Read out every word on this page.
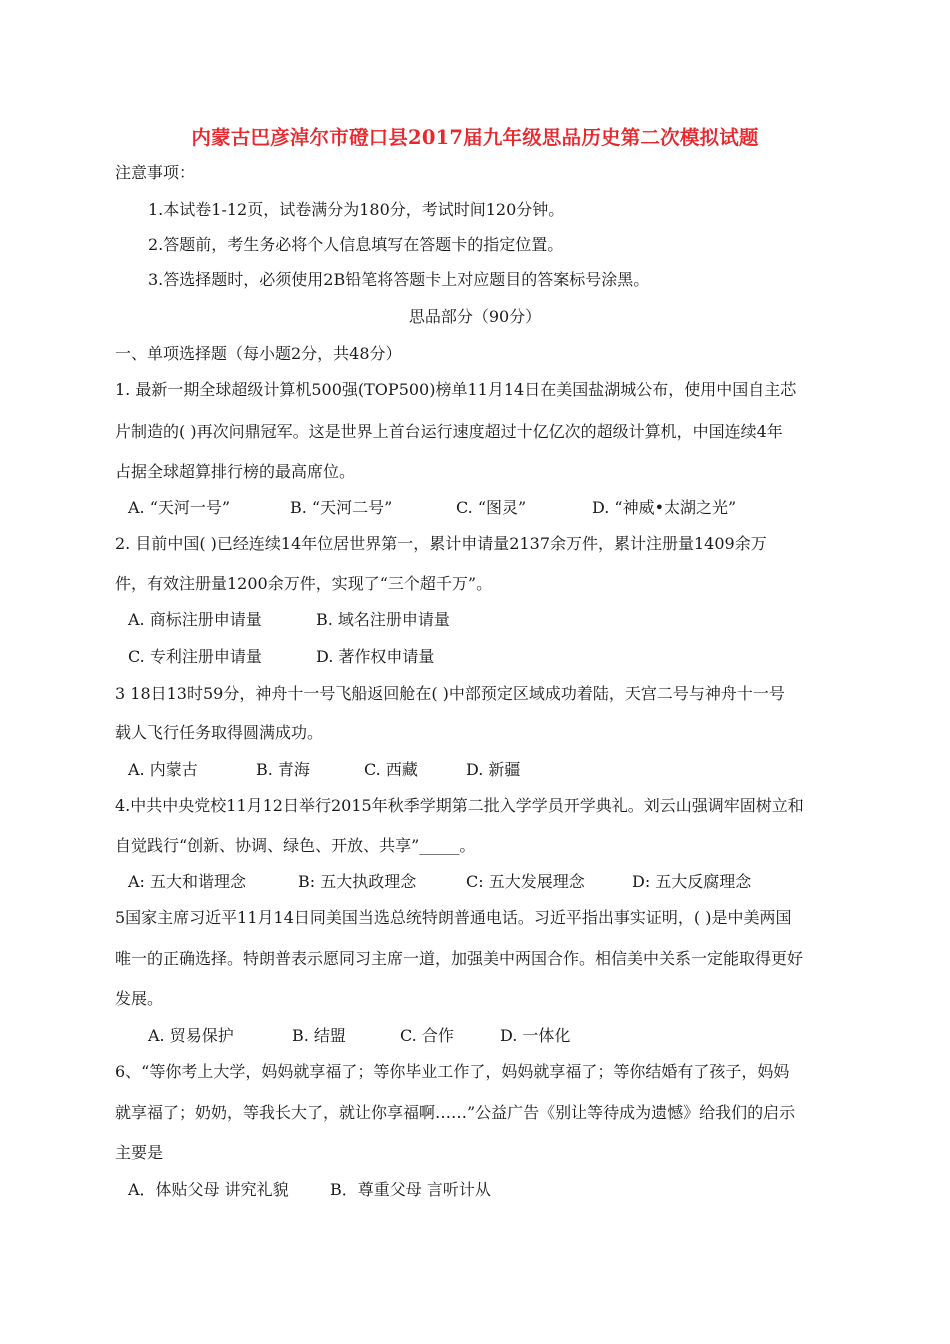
内蒙古巴彦淖尔市磴口县2017届九年级思品历史第二次模拟试题
注意事项：
1.本试卷1-12页，试卷满分为180分，考试时间120分钟。
2.答题前，考生务必将个人信息填写在答题卡的指定位置。
3.答选择题时，必须使用2B铅笔将答题卡上对应题目的答案标号涂黑。
思品部分（90分）
一、单项选择题（每小题2分，共48分）
1. 最新一期全球超级计算机500强(TOP500)榜单11月14日在美国盐湖城公布，使用中国自主芯
片制造的( )再次问鼎冠军。这是世界上首台运行速度超过十亿亿次的超级计算机，中国连续4年
占据全球超算排行榜的最高席位。
A. “天河一号”	B. “天河二号”	C. “图灵”	D. “神威•太湖之光”
2. 目前中国( )已经连续14年位居世界第一，累计申请量2137余万件，累计注册量1409余万
件，有效注册量1200余万件，实现了“三个超千万”。
A. 商标注册申请量	B. 域名注册申请量
C. 专利注册申请量	D. 著作权申请量
3 18日13时59分，神舟十一号飞船返回舱在( )中部预定区域成功着陆，天宫二号与神舟十一号
载人飞行任务取得圆满成功。
A. 内蒙古	B. 青海	C. 西藏	D. 新疆
4.中共中央党校11月12日举行2015年秋季学期第二批入学学员开学典礼。刘云山强调牢固树立和
自觉践行“创新、协调、绿色、开放、共享”_____。
A: 五大和谐理念	B: 五大执政理念	C: 五大发展理念	D: 五大反腐理念
5国家主席习近平11月14日同美国当选总统特朗普通电话。习近平指出事实证明，( )是中美两国
唯一的正确选择。特朗普表示愿同习主席一道，加强美中两国合作。相信美中关系一定能取得更好
发展。
A. 贸易保护	B. 结盟	C. 合作	D. 一体化
6、“等你考上大学，妈妈就享福了；等你毕业工作了，妈妈就享福了；等你结婚有了孩子，妈妈
就享福了；奶奶，等我长大了，就让你享福啊……”公益广告《别让等待成为遗憾》给我们的启示
主要是
A．体贴父母 讲究礼貌	B．尊重父母 言听计从
